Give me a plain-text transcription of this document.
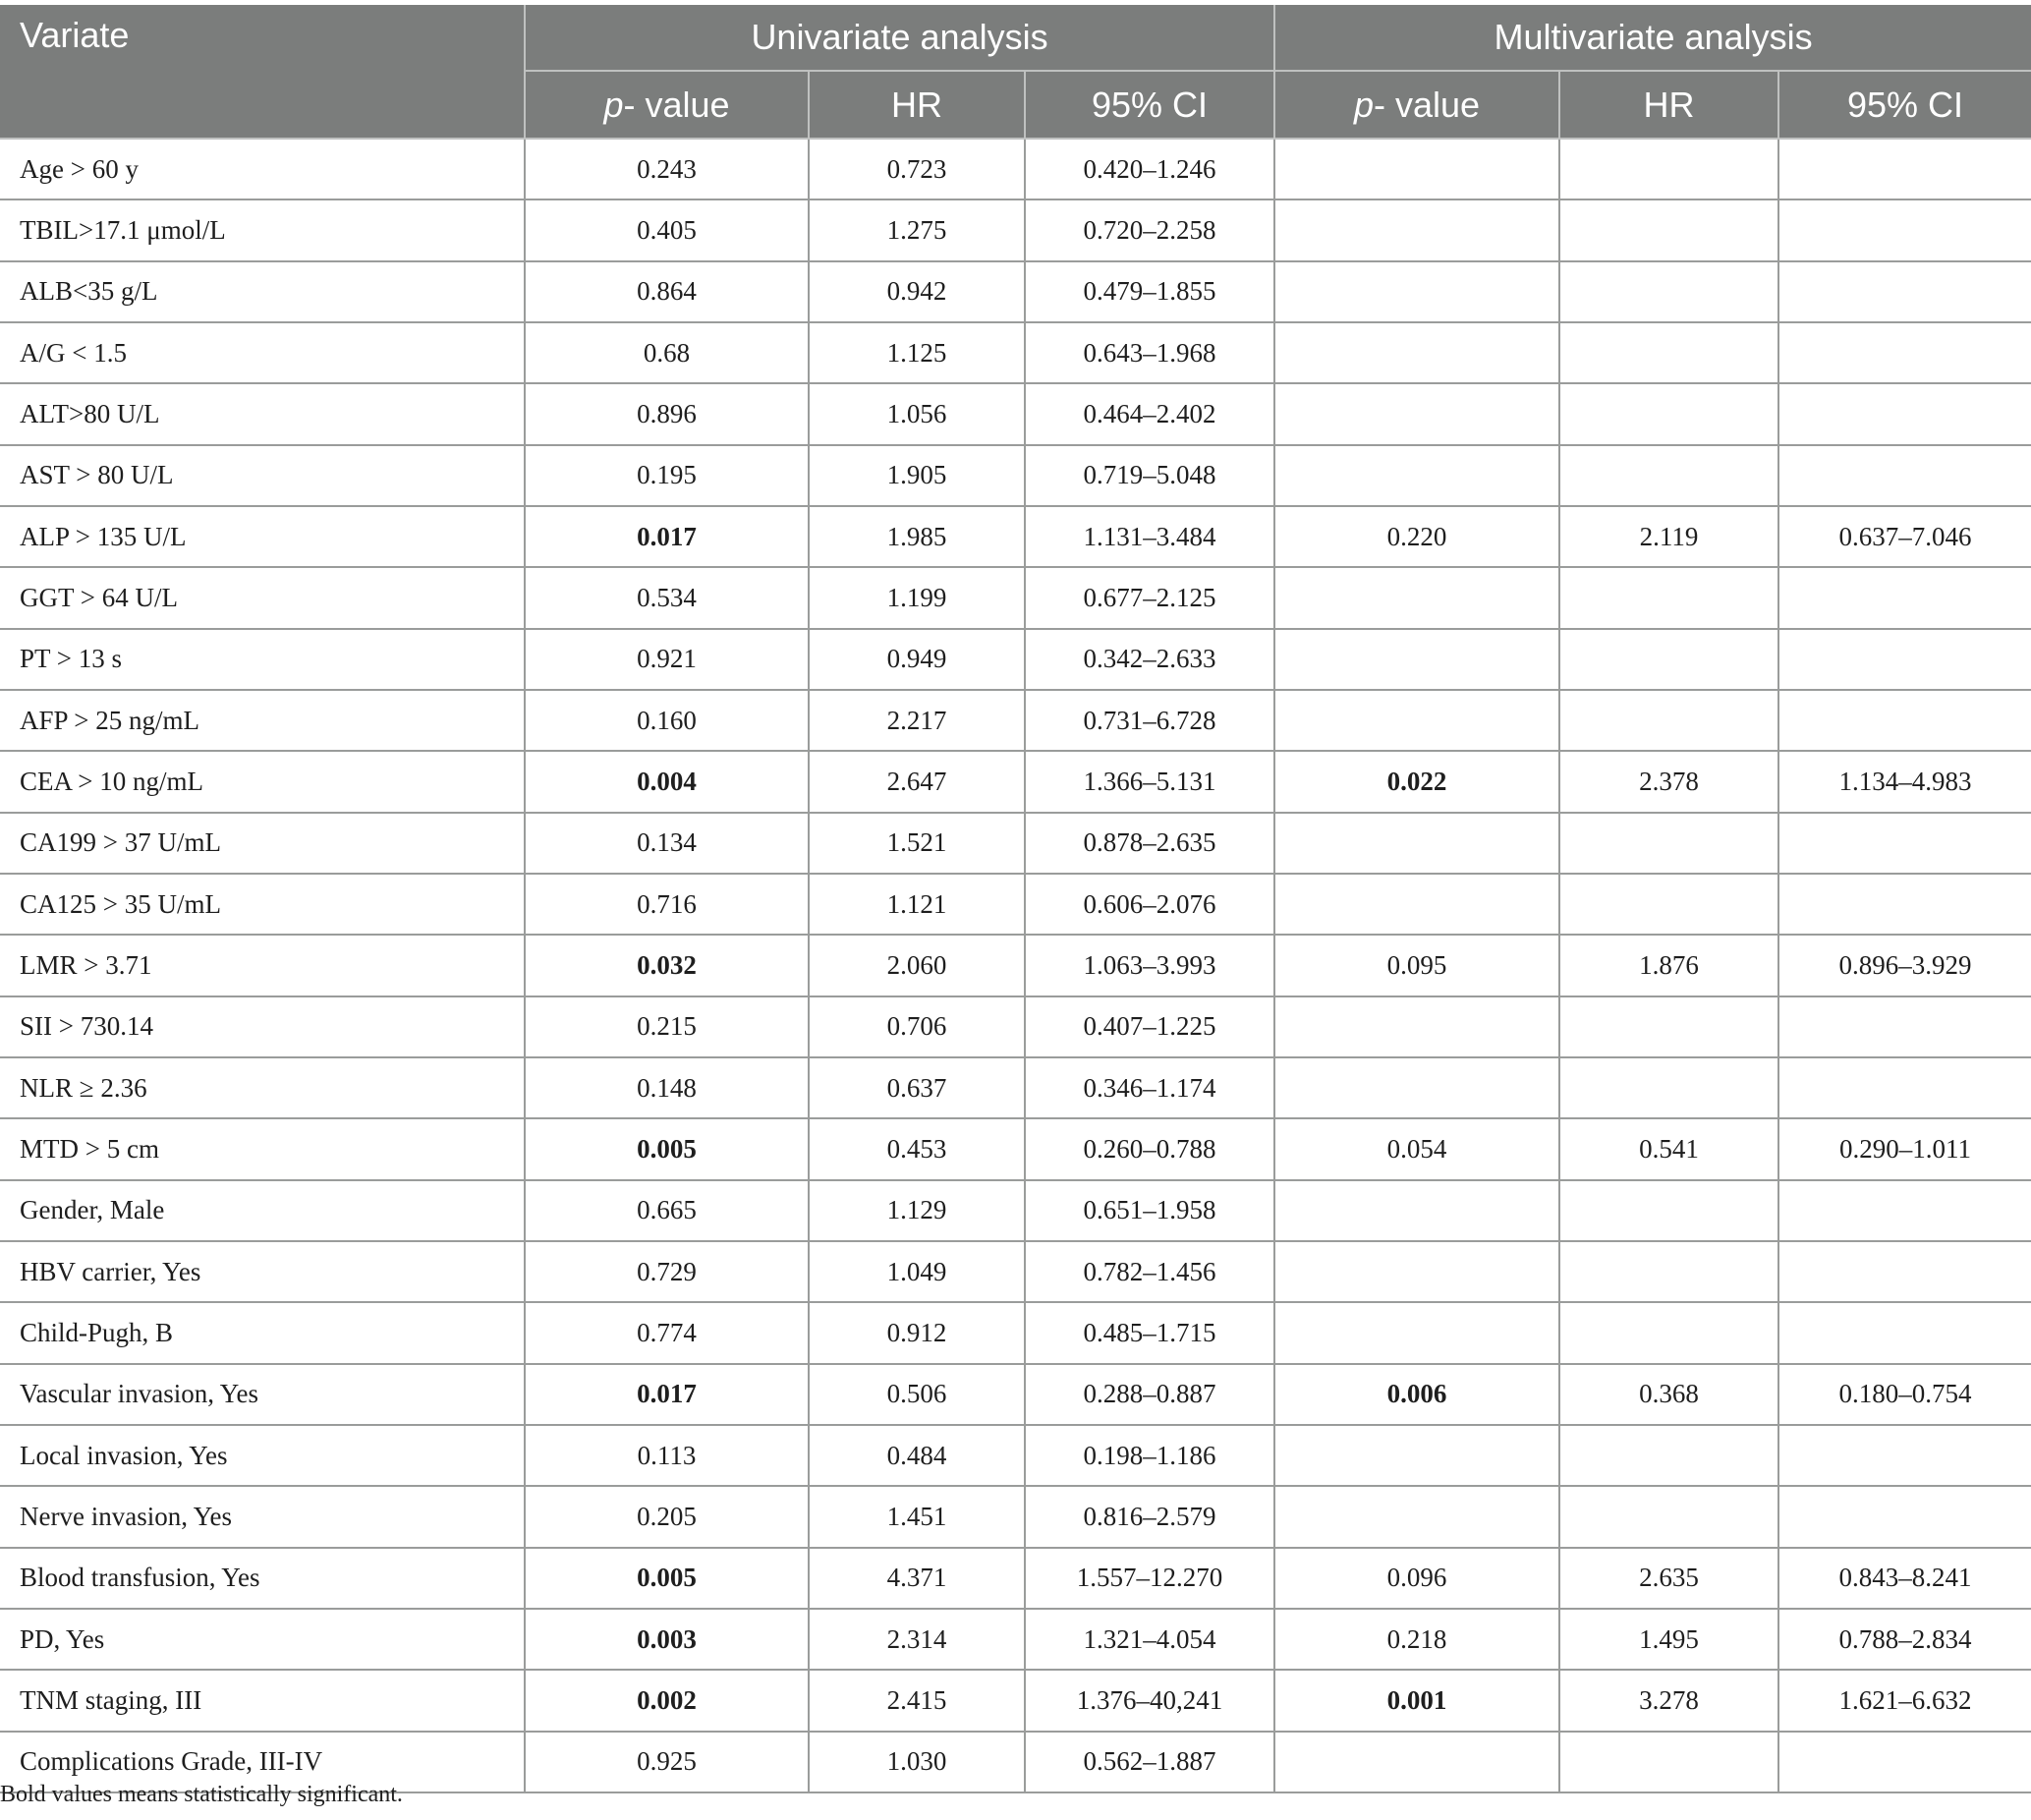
Variate	Univariate analysis			Multivariate analysis		
	p- value	HR	95% CI	p- value	HR	95% CI
Age > 60 y	0.243	0.723	0.420–1.246			
TBIL>17.1 μmol/L	0.405	1.275	0.720–2.258			
ALB<35 g/L	0.864	0.942	0.479–1.855			
A/G < 1.5	0.68	1.125	0.643–1.968			
ALT>80 U/L	0.896	1.056	0.464–2.402			
AST > 80 U/L	0.195	1.905	0.719–5.048			
ALP > 135 U/L	0.017	1.985	1.131–3.484	0.220	2.119	0.637–7.046
GGT > 64 U/L	0.534	1.199	0.677–2.125			
PT > 13 s	0.921	0.949	0.342–2.633			
AFP > 25 ng/mL	0.160	2.217	0.731–6.728			
CEA > 10 ng/mL	0.004	2.647	1.366–5.131	0.022	2.378	1.134–4.983
CA199 > 37 U/mL	0.134	1.521	0.878–2.635			
CA125 > 35 U/mL	0.716	1.121	0.606–2.076			
LMR > 3.71	0.032	2.060	1.063–3.993	0.095	1.876	0.896–3.929
SII > 730.14	0.215	0.706	0.407–1.225			
NLR ≥ 2.36	0.148	0.637	0.346–1.174			
MTD > 5 cm	0.005	0.453	0.260–0.788	0.054	0.541	0.290–1.011
Gender, Male	0.665	1.129	0.651–1.958			
HBV carrier, Yes	0.729	1.049	0.782–1.456			
Child-Pugh, B	0.774	0.912	0.485–1.715			
Vascular invasion, Yes	0.017	0.506	0.288–0.887	0.006	0.368	0.180–0.754
Local invasion, Yes	0.113	0.484	0.198–1.186			
Nerve invasion, Yes	0.205	1.451	0.816–2.579			
Blood transfusion, Yes	0.005	4.371	1.557–12.270	0.096	2.635	0.843–8.241
PD, Yes	0.003	2.314	1.321–4.054	0.218	1.495	0.788–2.834
TNM staging, III	0.002	2.415	1.376–40,241	0.001	3.278	1.621–6.632
Complications Grade, III-IV	0.925	1.030	0.562–1.887			

Bold values means statistically significant.
